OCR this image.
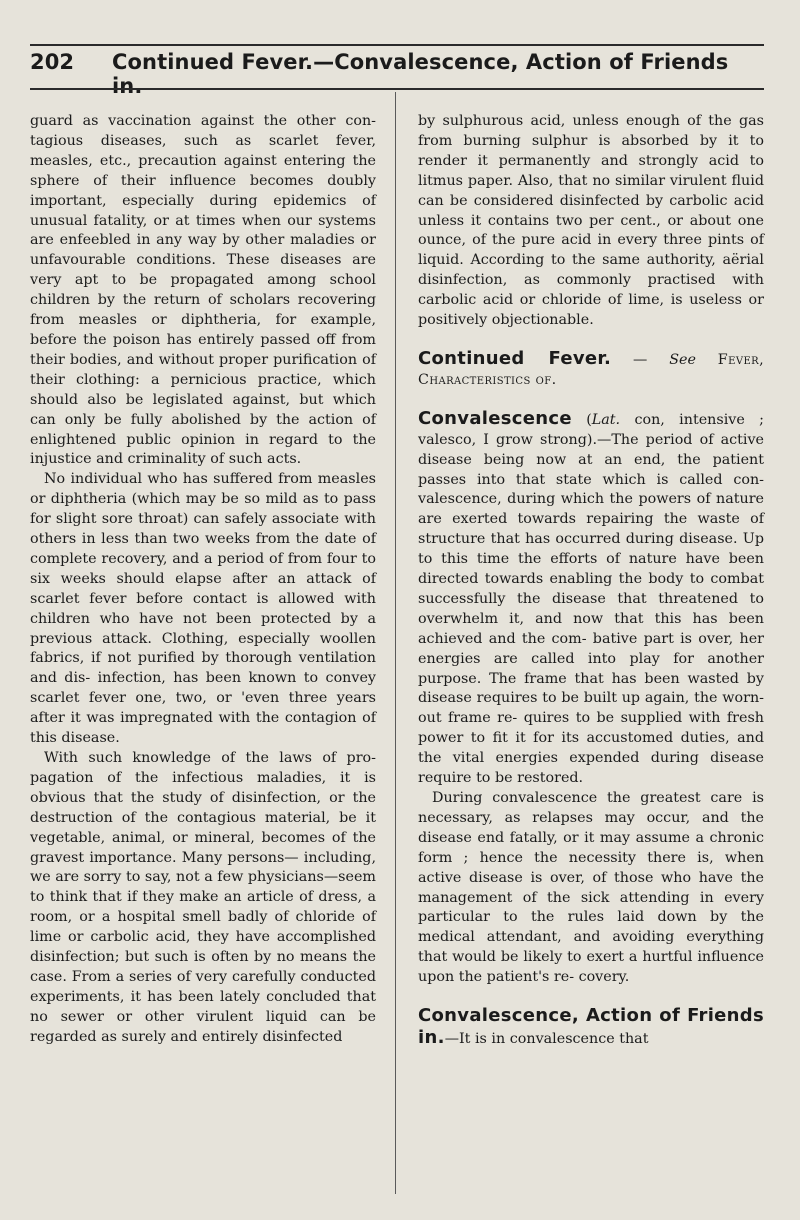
202	Continued Fever.—Convalescence, Action of Friends in.

guard as vaccination against the other con- tagious diseases, such as scarlet fever, measles, etc., precaution against entering the sphere of their influence becomes doubly important, especially during epidemics of unusual fatality, or at times when our systems are enfeebled in any way by other maladies or unfavourable conditions. These diseases are very apt to be propagated among school children by the return of scholars recovering from measles or diphtheria, for example, before the poison has entirely passed off from their bodies, and without proper purification of their clothing: a pernicious practice, which should also be legislated against, but which can only be fully abolished by the action of enlightened public opinion in regard to the injustice and criminality of such acts.

No individual who has suffered from measles or diphtheria (which may be so mild as to pass for slight sore throat) can safely associate with others in less than two weeks from the date of complete recovery, and a period of from four to six weeks should elapse after an attack of scarlet fever before contact is allowed with children who have not been protected by a previous attack. Clothing, especially woollen fabrics, if not purified by thorough ventilation and dis- infection, has been known to convey scarlet fever one, two, or 'even three years after it was impregnated with the contagion of this disease.

With such knowledge of the laws of pro- pagation of the infectious maladies, it is obvious that the study of disinfection, or the destruction of the contagious material, be it vegetable, animal, or mineral, becomes of the gravest importance. Many persons— including, we are sorry to say, not a few physicians—seem to think that if they make an article of dress, a room, or a hospital smell badly of chloride of lime or carbolic acid, they have accomplished disinfection; but such is often by no means the case. From a series of very carefully conducted experiments, it has been lately concluded that no sewer or other virulent liquid can be regarded as surely and entirely disinfected

by sulphurous acid, unless enough of the gas from burning sulphur is absorbed by it to render it permanently and strongly acid to litmus paper. Also, that no similar virulent fluid can be considered disinfected by carbolic acid unless it contains two per cent., or about one ounce, of the pure acid in every three pints of liquid. According to the same authority, aërial disinfection, as commonly practised with carbolic acid or chloride of lime, is useless or positively objectionable.

Continued Fever. — See Fever, Characteristics of.

Convalescence (Lat. con, intensive ; valesco, I grow strong).—The period of active disease being now at an end, the patient passes into that state which is called con- valescence, during which the powers of nature are exerted towards repairing the waste of structure that has occurred during disease. Up to this time the efforts of nature have been directed towards enabling the body to combat successfully the disease that threatened to overwhelm it, and now that this has been achieved and the com- bative part is over, her energies are called into play for another purpose. The frame that has been wasted by disease requires to be built up again, the worn-out frame re- quires to be supplied with fresh power to fit it for its accustomed duties, and the vital energies expended during disease require to be restored.

During convalescence the greatest care is necessary, as relapses may occur, and the disease end fatally, or it may assume a chronic form ; hence the necessity there is, when active disease is over, of those who have the management of the sick attending in every particular to the rules laid down by the medical attendant, and avoiding everything that would be likely to exert a hurtful influence upon the patient's re- covery.

Convalescence, Action of Friends in.—It is in convalescence that
